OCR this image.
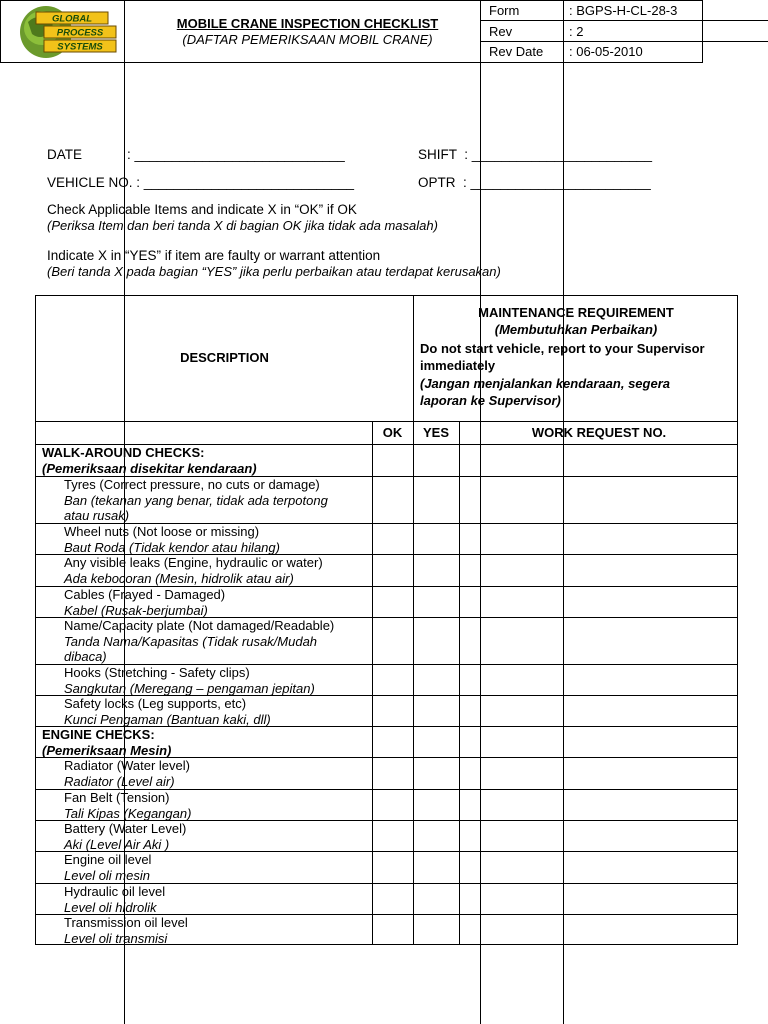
GLOBAL
PROCESS
SYSTEMS
MOBILE CRANE INSPECTION CHECKLIST
(DAFTAR PEMERIKSAAN MOBIL CRANE)
Form	: BGPS-H-CL-28-3
Rev	: 2
Rev Date : 06-05-2010
DATE            : ____________________________	SHIFT  : ________________________
VEHICLE NO. : ____________________________	OPTR  : ________________________
Check Applicable Items and indicate X in “OK” if OK
(Periksa Item dan beri tanda X di bagian OK jika tidak ada masalah)
Indicate X in “YES” if item are faulty or warrant attention
(Beri tanda X pada bagian “YES” jika perlu perbaikan atau terdapat kerusakan)
DESCRIPTION
MAINTENANCE REQUIREMENT
(Membutuhkan Perbaikan)
Do not start vehicle, report to your Supervisor
immediately
(Jangan menjalankan kendaraan, segera
laporan ke Supervisor)
OK	YES	WORK REQUEST NO.
WALK-AROUND CHECKS:
(Pemeriksaan disekitar kendaraan)
Tyres (Correct pressure, no cuts or damage)
Ban (tekanan yang benar, tidak ada terpotong
atau rusak)
Wheel nuts (Not loose or missing)
Baut Roda (Tidak kendor atau hilang)
Any visible leaks (Engine, hydraulic or water)
Ada kebocoran (Mesin, hidrolik atau air)
Cables (Frayed - Damaged)
Kabel (Rusak-berjumbai)
Name/Capacity plate (Not damaged/Readable)
Tanda Nama/Kapasitas (Tidak rusak/Mudah
dibaca)
Hooks (Stretching - Safety clips)
Sangkutan (Meregang – pengaman jepitan)
Safety locks (Leg supports, etc)
Kunci Pengaman (Bantuan kaki, dll)
ENGINE CHECKS:
(Pemeriksaan Mesin)
Radiator (Water level)
Radiator (Level air)
Fan Belt (Tension)
Tali Kipas (Kegangan)
Battery (Water Level)
Aki (Level Air Aki )
Engine oil level
Level oli mesin
Hydraulic oil level
Level oli hidrolik
Transmission oil level
Level oli transmisi
